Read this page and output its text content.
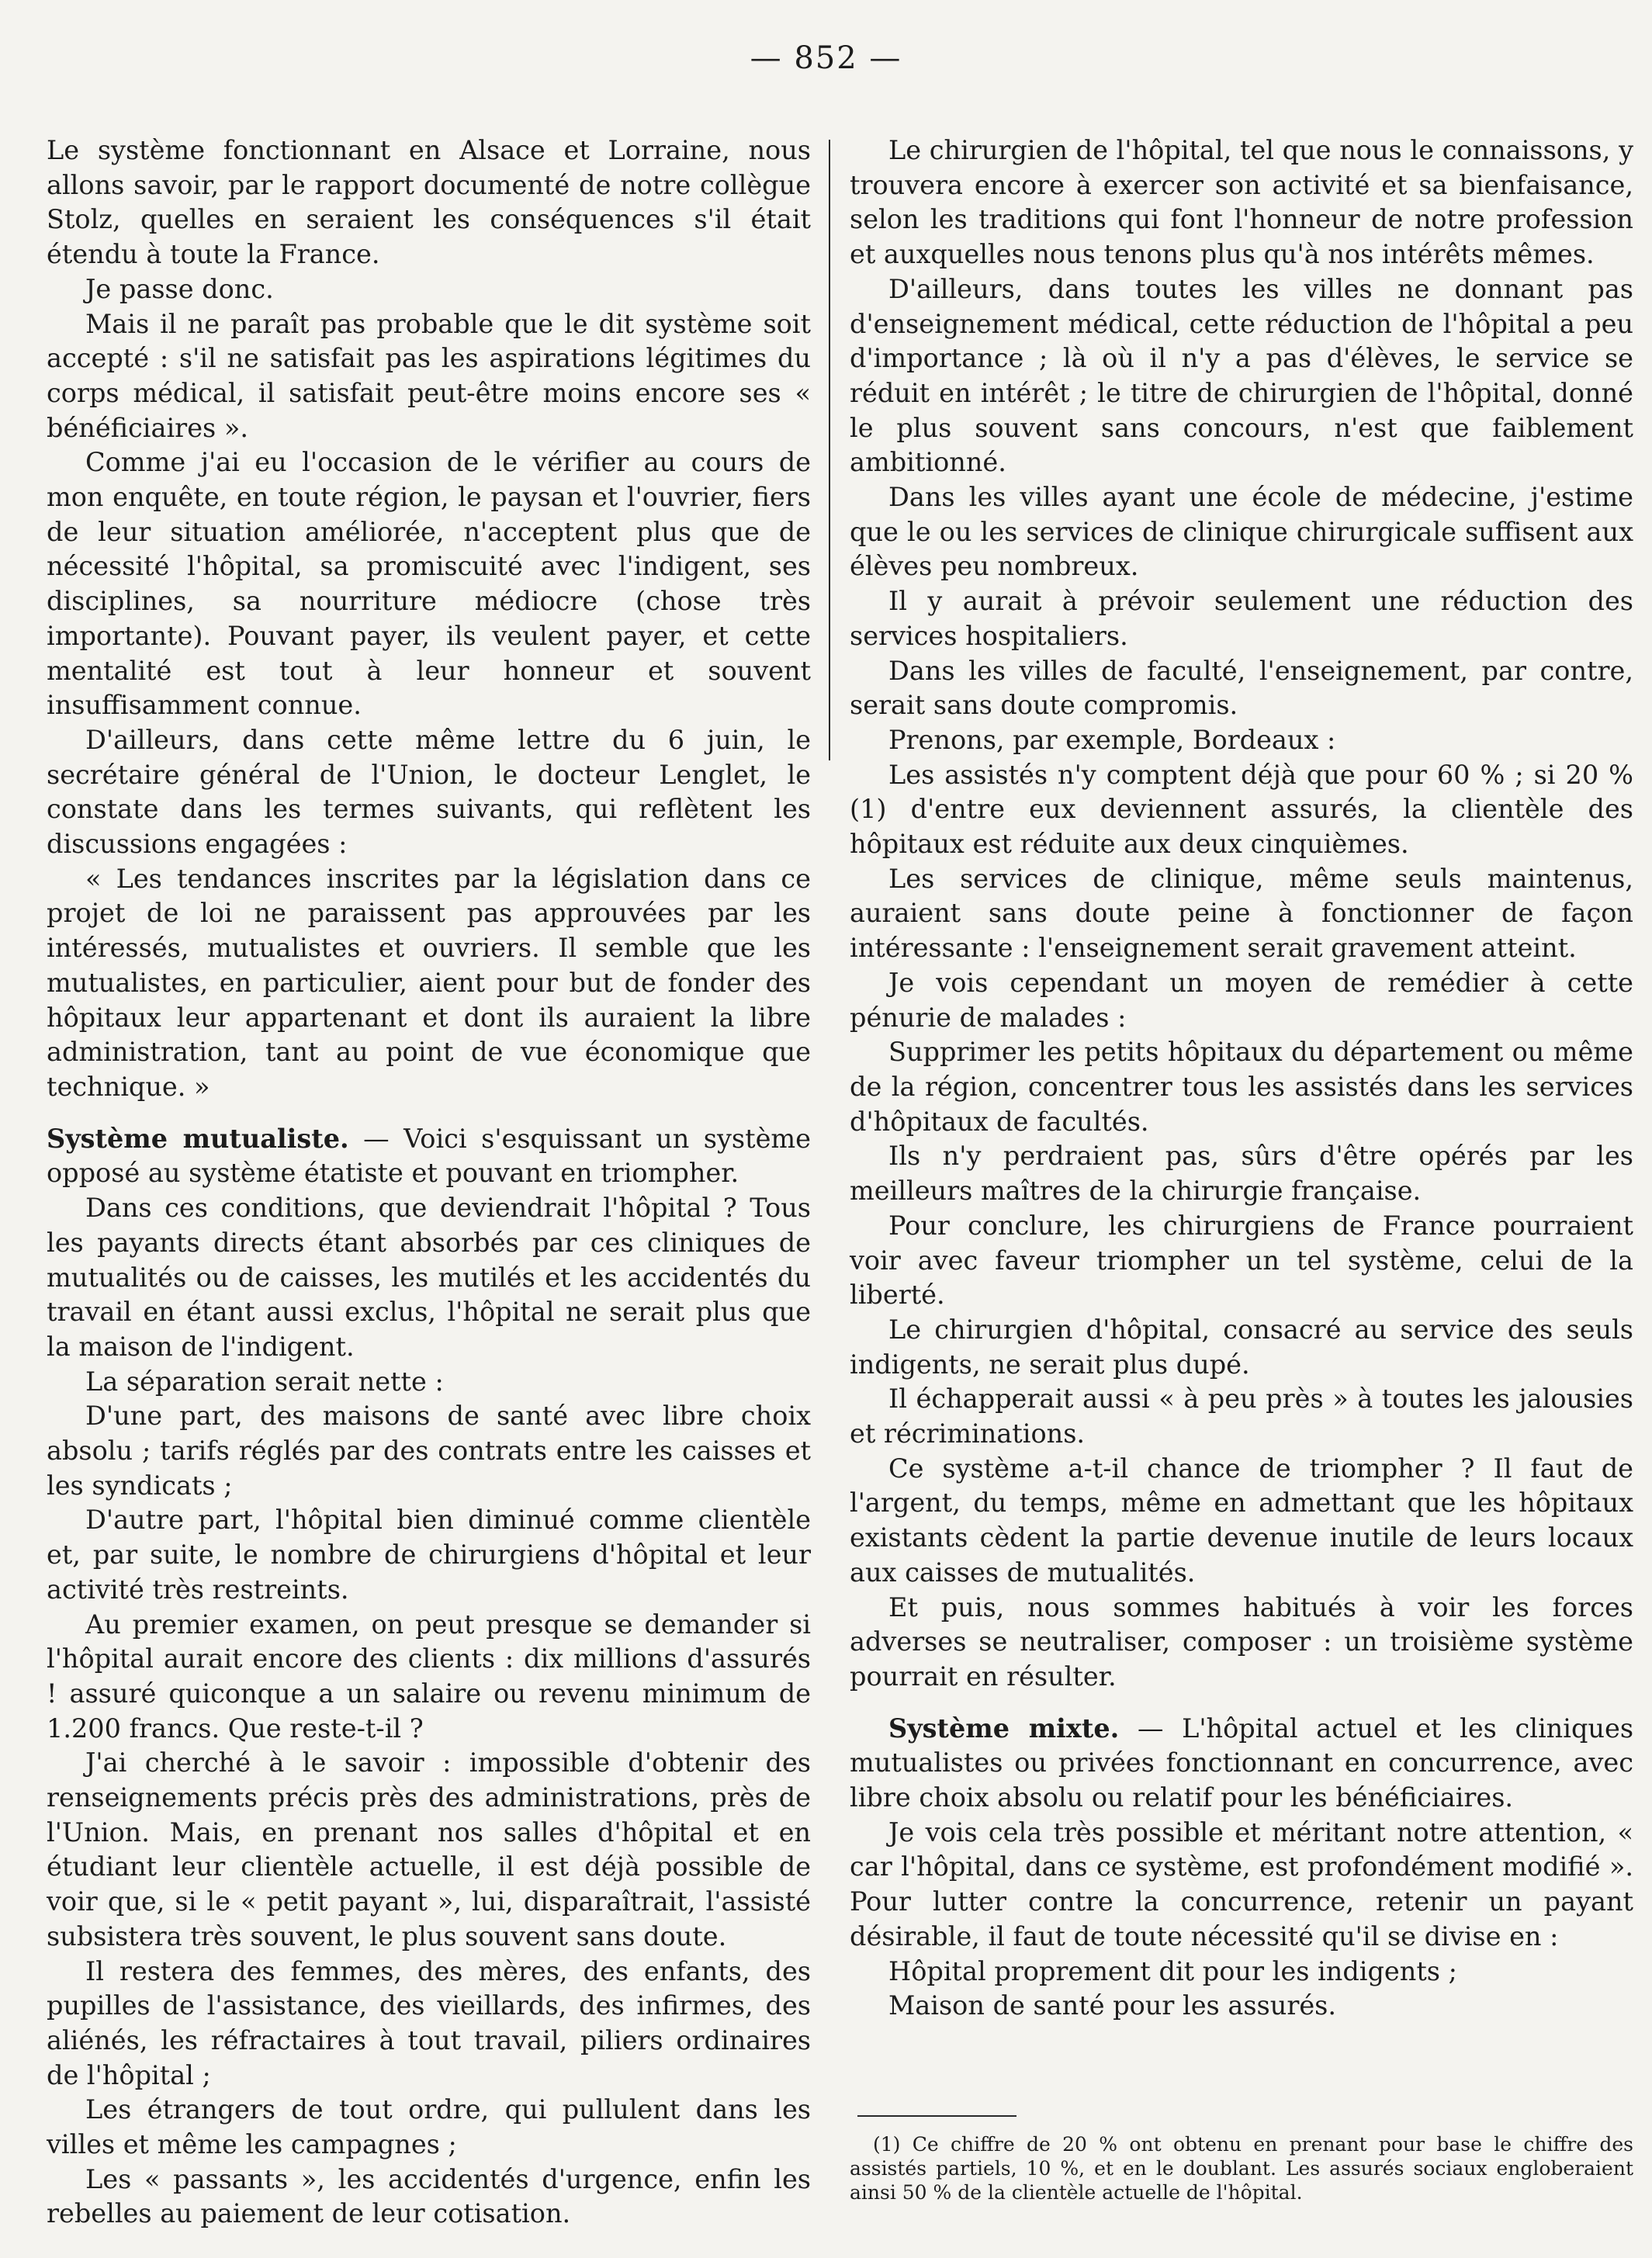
— 852 —

Le système fonctionnant en Alsace et Lorraine, nous allons savoir, par le rapport documenté de notre collègue Stolz, quelles en seraient les conséquences s'il était étendu à toute la France.

Je passe donc.

Mais il ne paraît pas probable que le dit système soit accepté : s'il ne satisfait pas les aspirations légitimes du corps médical, il satisfait peut-être moins encore ses « bénéficiaires ».

Comme j'ai eu l'occasion de le vérifier au cours de mon enquête, en toute région, le paysan et l'ouvrier, fiers de leur situation améliorée, n'acceptent plus que de nécessité l'hôpital, sa promiscuité avec l'indigent, ses disciplines, sa nourriture médiocre (chose très importante). Pouvant payer, ils veulent payer, et cette mentalité est tout à leur honneur et souvent insuffisamment connue.

D'ailleurs, dans cette même lettre du 6 juin, le secrétaire général de l'Union, le docteur Lenglet, le constate dans les termes suivants, qui reflètent les discussions engagées :

« Les tendances inscrites par la législation dans ce projet de loi ne paraissent pas approuvées par les intéressés, mutualistes et ouvriers. Il semble que les mutualistes, en particulier, aient pour but de fonder des hôpitaux leur appartenant et dont ils auraient la libre administration, tant au point de vue économique que technique. »

Système mutualiste. — Voici s'esquissant un système opposé au système étatiste et pouvant en triompher.

Dans ces conditions, que deviendrait l'hôpital ? Tous les payants directs étant absorbés par ces cliniques de mutualités ou de caisses, les mutilés et les accidentés du travail en étant aussi exclus, l'hôpital ne serait plus que la maison de l'indigent.

La séparation serait nette :

D'une part, des maisons de santé avec libre choix absolu ; tarifs réglés par des contrats entre les caisses et les syndicats ;

D'autre part, l'hôpital bien diminué comme clientèle et, par suite, le nombre de chirurgiens d'hôpital et leur activité très restreints.

Au premier examen, on peut presque se demander si l'hôpital aurait encore des clients : dix millions d'assurés ! assuré quiconque a un salaire ou revenu minimum de 1.200 francs. Que reste-t-il ?

J'ai cherché à le savoir : impossible d'obtenir des renseignements précis près des administrations, près de l'Union. Mais, en prenant nos salles d'hôpital et en étudiant leur clientèle actuelle, il est déjà possible de voir que, si le « petit payant », lui, disparaîtrait, l'assisté subsistera très souvent, le plus souvent sans doute.

Il restera des femmes, des mères, des enfants, des pupilles de l'assistance, des vieillards, des infirmes, des aliénés, les réfractaires à tout travail, piliers ordinaires de l'hôpital ;

Les étrangers de tout ordre, qui pullulent dans les villes et même les campagnes ;

Les « passants », les accidentés d'urgence, enfin les rebelles au paiement de leur cotisation.

Le chirurgien de l'hôpital, tel que nous le connaissons, y trouvera encore à exercer son activité et sa bienfaisance, selon les traditions qui font l'honneur de notre profession et auxquelles nous tenons plus qu'à nos intérêts mêmes.

D'ailleurs, dans toutes les villes ne donnant pas d'enseignement médical, cette réduction de l'hôpital a peu d'importance ; là où il n'y a pas d'élèves, le service se réduit en intérêt ; le titre de chirurgien de l'hôpital, donné le plus souvent sans concours, n'est que faiblement ambitionné.

Dans les villes ayant une école de médecine, j'estime que le ou les services de clinique chirurgicale suffisent aux élèves peu nombreux.

Il y aurait à prévoir seulement une réduction des services hospitaliers.

Dans les villes de faculté, l'enseignement, par contre, serait sans doute compromis.

Prenons, par exemple, Bordeaux :

Les assistés n'y comptent déjà que pour 60 % ; si 20 % (1) d'entre eux deviennent assurés, la clientèle des hôpitaux est réduite aux deux cinquièmes.

Les services de clinique, même seuls maintenus, auraient sans doute peine à fonctionner de façon intéressante : l'enseignement serait gravement atteint.

Je vois cependant un moyen de remédier à cette pénurie de malades :

Supprimer les petits hôpitaux du département ou même de la région, concentrer tous les assistés dans les services d'hôpitaux de facultés.

Ils n'y perdraient pas, sûrs d'être opérés par les meilleurs maîtres de la chirurgie française.

Pour conclure, les chirurgiens de France pourraient voir avec faveur triompher un tel système, celui de la liberté.

Le chirurgien d'hôpital, consacré au service des seuls indigents, ne serait plus dupé.

Il échapperait aussi « à peu près » à toutes les jalousies et récriminations.

Ce système a-t-il chance de triompher ? Il faut de l'argent, du temps, même en admettant que les hôpitaux existants cèdent la partie devenue inutile de leurs locaux aux caisses de mutualités.

Et puis, nous sommes habitués à voir les forces adverses se neutraliser, composer : un troisième système pourrait en résulter.

Système mixte. — L'hôpital actuel et les cliniques mutualistes ou privées fonctionnant en concurrence, avec libre choix absolu ou relatif pour les bénéficiaires.

Je vois cela très possible et méritant notre attention, « car l'hôpital, dans ce système, est profondément modifié ». Pour lutter contre la concurrence, retenir un payant désirable, il faut de toute nécessité qu'il se divise en :

Hôpital proprement dit pour les indigents ;

Maison de santé pour les assurés.

(1) Ce chiffre de 20 % ont obtenu en prenant pour base le chiffre des assistés partiels, 10 %, et en le doublant. Les assurés sociaux engloberaient ainsi 50 % de la clientèle actuelle de l'hôpital.
